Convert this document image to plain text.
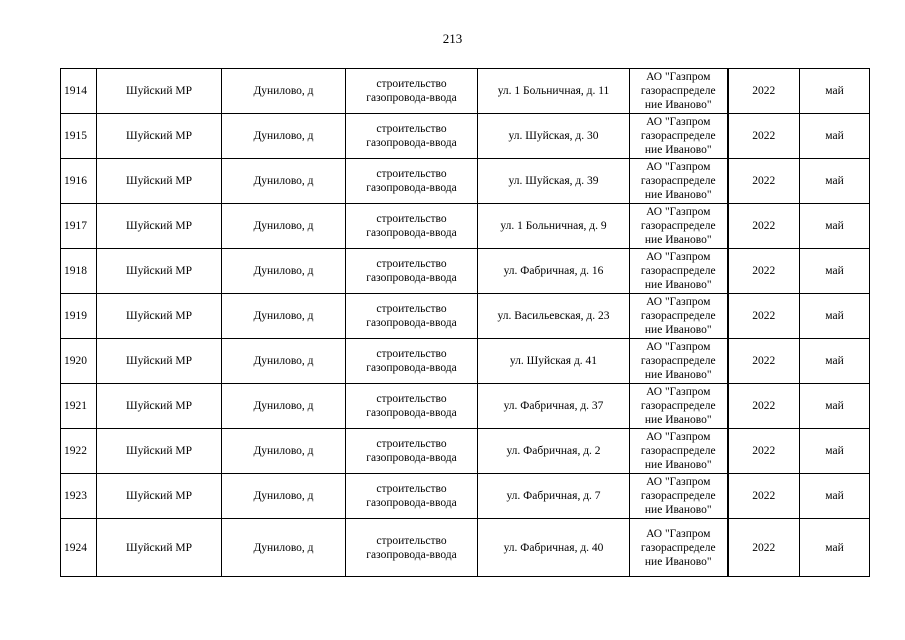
213
1914	Шуйский МР	Дунилово, д	строительство
газопровода-ввода	ул. 1 Больничная, д. 11	АО "Газпром
газораспределе
ние Иваново"	2022	май
1915	Шуйский МР	Дунилово, д	строительство
газопровода-ввода	ул. Шуйская, д. 30	АО "Газпром
газораспределе
ние Иваново"	2022	май
1916	Шуйский МР	Дунилово, д	строительство
газопровода-ввода	ул. Шуйская, д. 39	АО "Газпром
газораспределе
ние Иваново"	2022	май
1917	Шуйский МР	Дунилово, д	строительство
газопровода-ввода	ул. 1 Больничная, д. 9	АО "Газпром
газораспределе
ние Иваново"	2022	май
1918	Шуйский МР	Дунилово, д	строительство
газопровода-ввода	ул. Фабричная, д. 16	АО "Газпром
газораспределе
ние Иваново"	2022	май
1919	Шуйский МР	Дунилово, д	строительство
газопровода-ввода	ул. Васильевская, д. 23	АО "Газпром
газораспределе
ние Иваново"	2022	май
1920	Шуйский МР	Дунилово, д	строительство
газопровода-ввода	ул. Шуйская д. 41	АО "Газпром
газораспределе
ние Иваново"	2022	май
1921	Шуйский МР	Дунилово, д	строительство
газопровода-ввода	ул. Фабричная, д. 37	АО "Газпром
газораспределе
ние Иваново"	2022	май
1922	Шуйский МР	Дунилово, д	строительство
газопровода-ввода	ул. Фабричная, д. 2	АО "Газпром
газораспределе
ние Иваново"	2022	май
1923	Шуйский МР	Дунилово, д	строительство
газопровода-ввода	ул. Фабричная, д. 7	АО "Газпром
газораспределе
ние Иваново"	2022	май
1924	Шуйский МР	Дунилово, д	строительство
газопровода-ввода	ул. Фабричная, д. 40	АО "Газпром
газораспределе
ние Иваново"	2022	май
